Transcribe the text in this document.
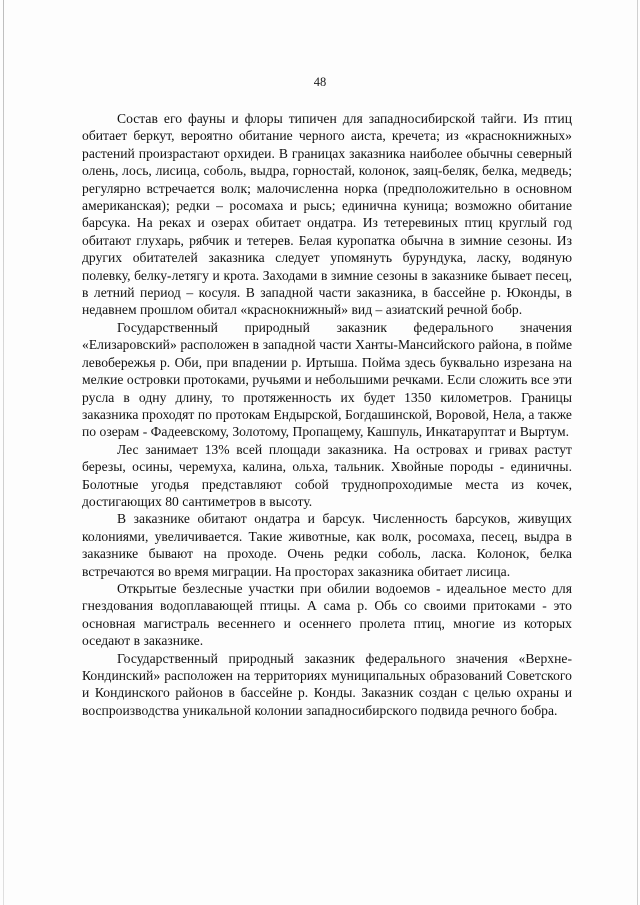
48

Состав его фауны и флоры типичен для западносибирской тайги. Из птиц обитает беркут, вероятно обитание черного аиста, кречета; из «краснокнижных» растений произрастают орхидеи. В границах заказника наиболее обычны северный олень, лось, лисица, соболь, выдра, горностай, колонок, заяц-беляк, белка, медведь; регулярно встречается волк; малочисленна норка (предположительно в основном американская); редки – росомаха и рысь; единична куница; возможно обитание барсука. На реках и озерах обитает ондатра. Из тетеревиных птиц круглый год обитают глухарь, рябчик и тетерев. Белая куропатка обычна в зимние сезоны. Из других обитателей заказника следует упомянуть бурундука, ласку, водяную полевку, белку-летягу и крота. Заходами в зимние сезоны в заказнике бывает песец, в летний период – косуля. В западной части заказника, в бассейне р. Юконды, в недавнем прошлом обитал «краснокнижный» вид – азиатский речной бобр.

Государственный природный заказник федерального значения «Елизаровский» расположен в западной части Ханты-Мансийского района, в пойме левобережья р. Оби, при впадении р. Иртыша. Пойма здесь буквально изрезана на мелкие островки протоками, ручьями и небольшими речками. Если сложить все эти русла в одну длину, то протяженность их будет 1350 километров. Границы заказника проходят по протокам Ендырской, Богдашинской, Воровой, Нела, а также по озерам - Фадеевскому, Золотому, Пропащему, Кашпуль, Инкатаруптат и Выртум.

Лес занимает 13% всей площади заказника. На островах и гривах растут березы, осины, черемуха, калина, ольха, тальник. Хвойные породы - единичны. Болотные угодья представляют собой труднопроходимые места из кочек, достигающих 80 сантиметров в высоту.

В заказнике обитают ондатра и барсук. Численность барсуков, живущих колониями, увеличивается. Такие животные, как волк, росомаха, песец, выдра в заказнике бывают на проходе. Очень редки соболь, ласка. Колонок, белка встречаются во время миграции. На просторах заказника обитает лисица.

Открытые безлесные участки при обилии водоемов - идеальное место для гнездования водоплавающей птицы. А сама р. Обь со своими притоками - это основная магистраль весеннего и осеннего пролета птиц, многие из которых оседают в заказнике.

Государственный природный заказник федерального значения «Верхне-Кондинский» расположен на территориях муниципальных образований Советского и Кондинского районов в бассейне р. Конды. Заказник создан с целью охраны и воспроизводства уникальной колонии западносибирского подвида речного бобра.
